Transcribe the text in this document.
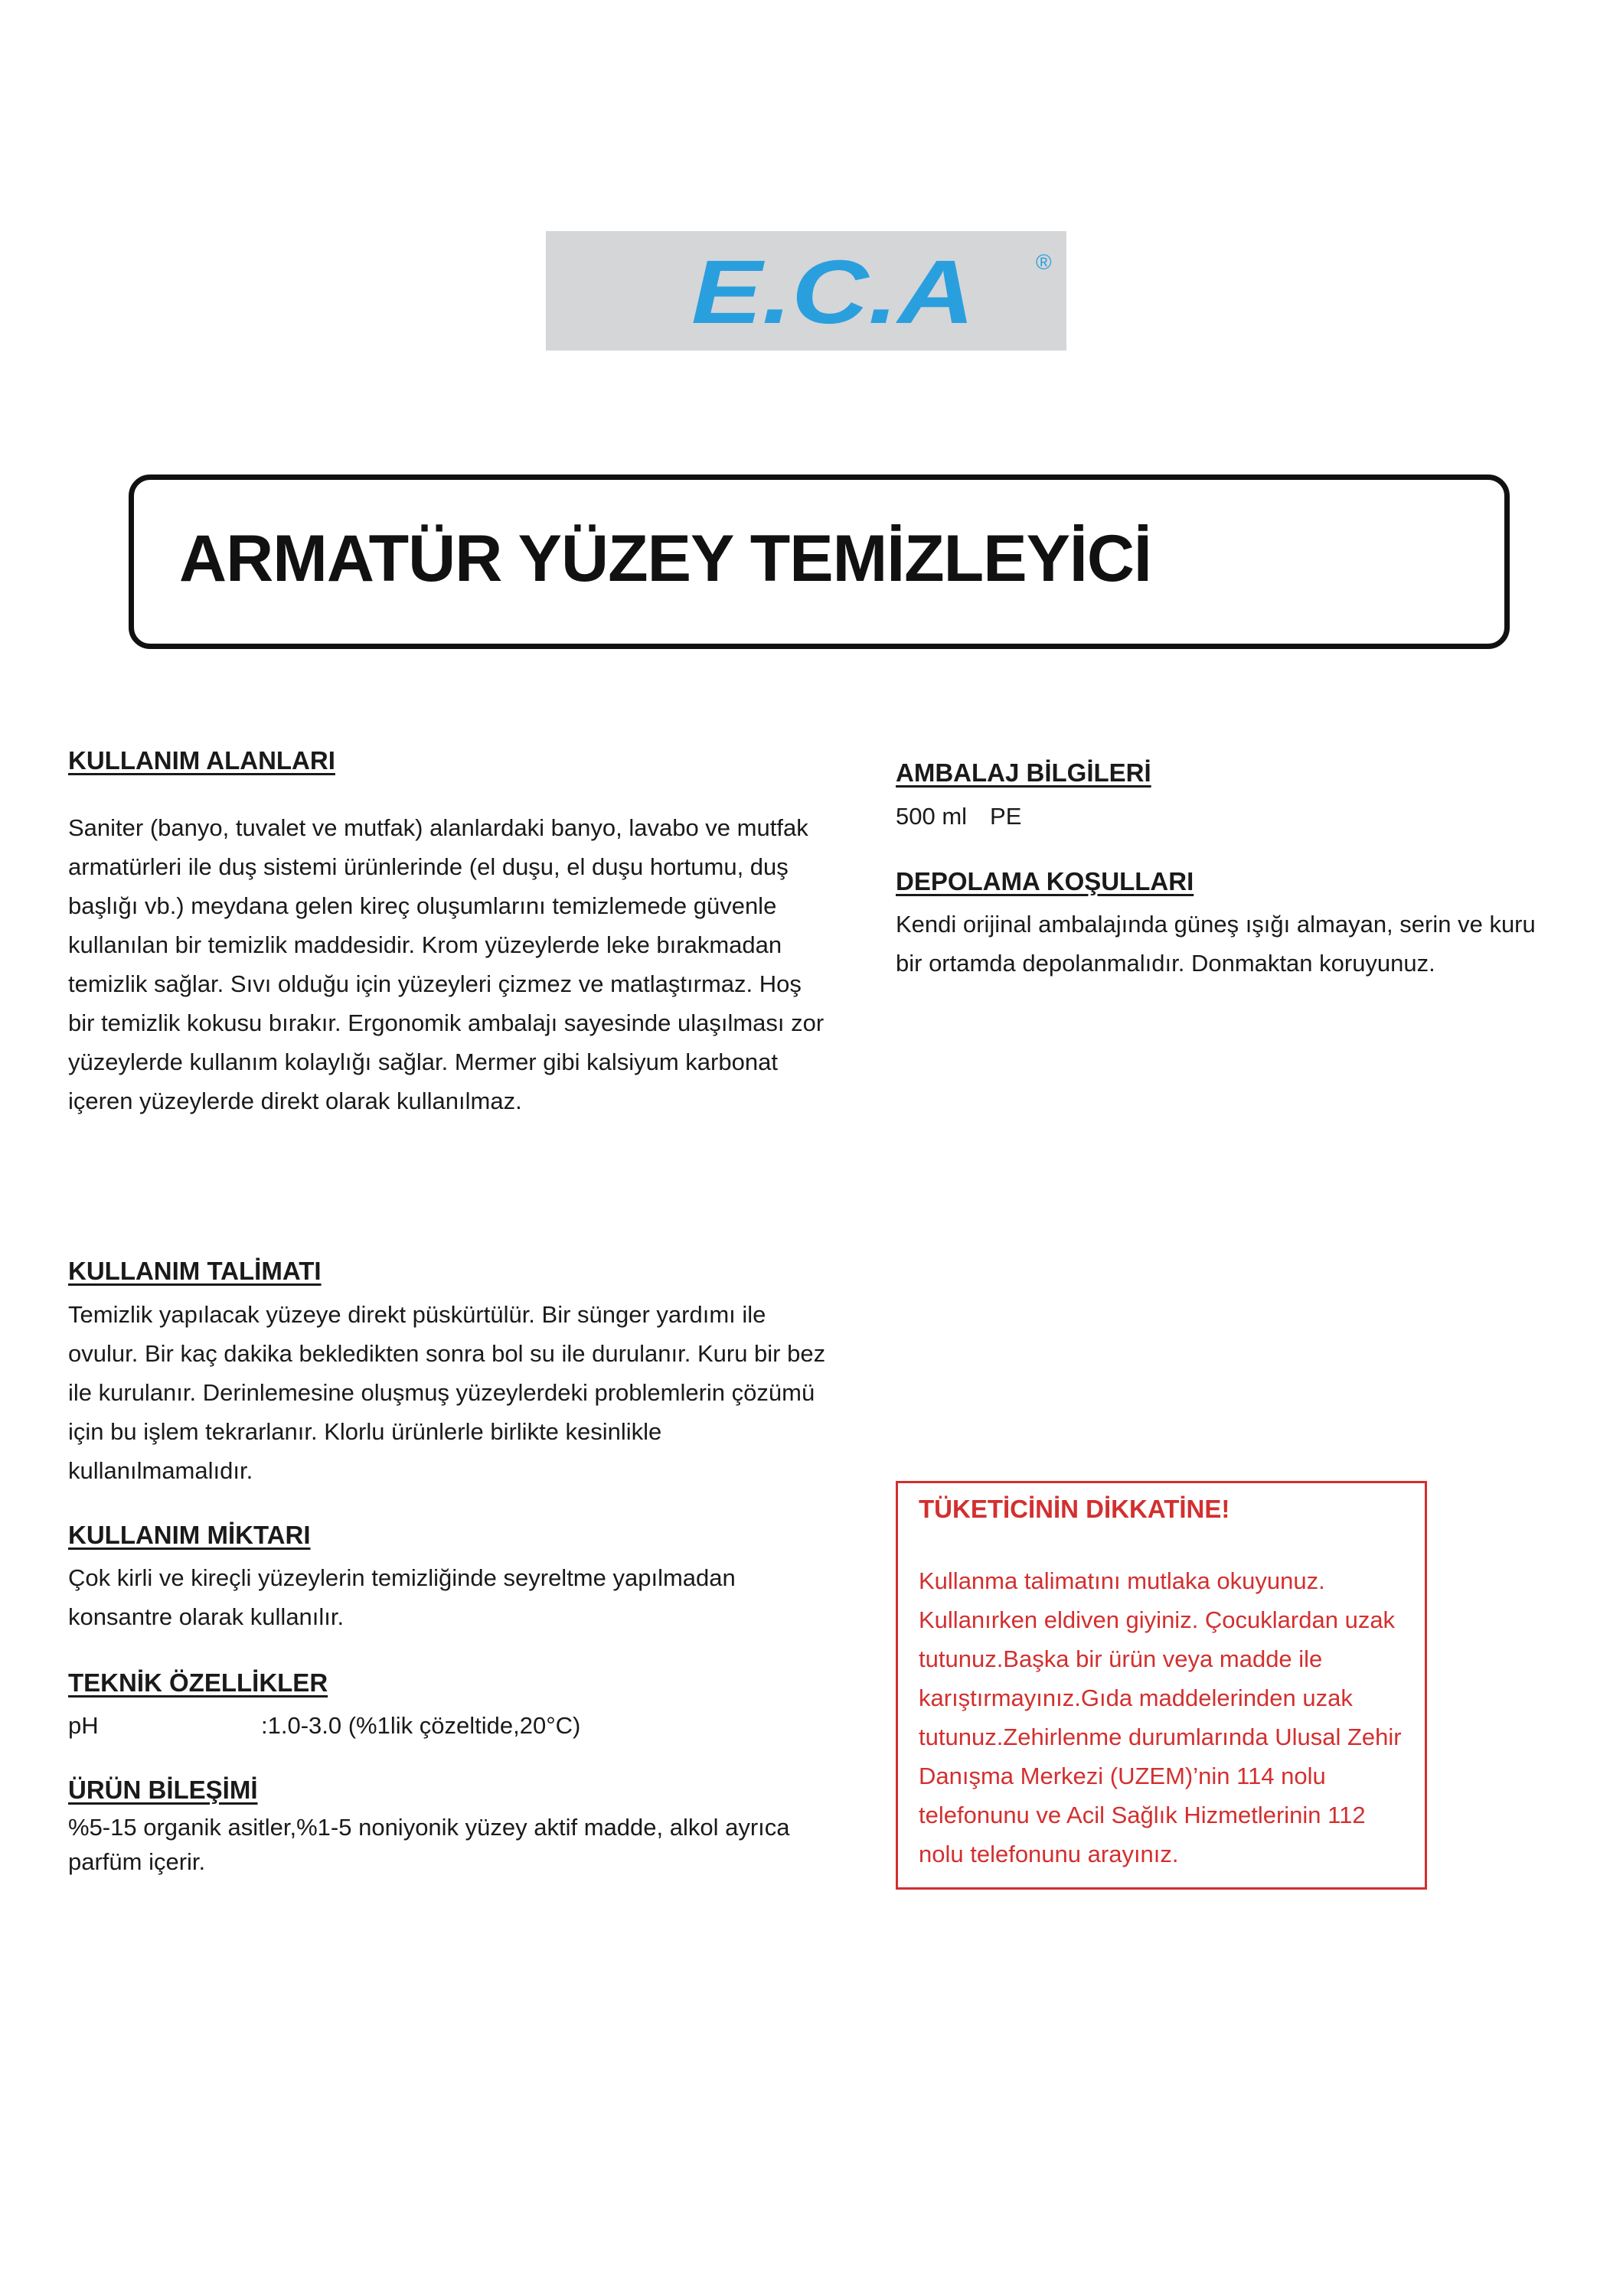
E.C.A	®
ARMATÜR YÜZEY TEMİZLEYİCİ
KULLANIM ALANLARI

Saniter (banyo, tuvalet ve mutfak) alanlardaki banyo, lavabo ve mutfak armatürleri ile duş sistemi ürünlerinde (el duşu, el duşu hortumu, duş başlığı vb.) meydana gelen kireç oluşumlarını temizlemede güvenle kullanılan bir temizlik maddesidir. Krom yüzeylerde leke bırakmadan temizlik sağlar. Sıvı olduğu için yüzeyleri çizmez ve matlaştırmaz. Hoş bir temizlik kokusu bırakır. Ergonomik ambalajı sayesinde ulaşılması zor yüzeylerde kullanım kolaylığı sağlar. Mermer gibi kalsiyum karbonat içeren yüzeylerde direkt olarak kullanılmaz.

AMBALAJ BİLGİLERİ
500 ml PE
DEPOLAMA KOŞULLARI

Kendi orijinal ambalajında güneş ışığı almayan, serin ve kuru bir ortamda depolanmalıdır. Donmaktan koruyunuz.

KULLANIM TALİMATI

Temizlik yapılacak yüzeye direkt püskürtülür. Bir sünger yardımı ile ovulur. Bir kaç dakika bekledikten sonra bol su ile durulanır. Kuru bir bez ile kurulanır. Derinlemesine oluşmuş yüzeylerdeki problemlerin çözümü için bu işlem tekrarlanır. Klorlu ürünlerle birlikte kesinlikle kullanılmamalıdır.

KULLANIM MİKTARI

Çok kirli ve kireçli yüzeylerin temizliğinde seyreltme yapılmadan konsantre olarak kullanılır.

TEKNİK ÖZELLİKLER
pH	:1.0-3.0 (%1lik çözeltide,20°C)
ÜRÜN BİLEŞİMİ

%5-15 organik asitler,%1-5 noniyonik yüzey aktif madde, alkol ayrıca parfüm içerir.

TÜKETİCİNİN DİKKATİNE!

Kullanma talimatını mutlaka okuyunuz. Kullanırken eldiven giyiniz. Çocuklardan uzak tutunuz.Başka bir ürün veya madde ile karıştırmayınız.Gıda maddelerinden uzak tutunuz.Zehirlenme durumlarında Ulusal Zehir Danışma Merkezi (UZEM)’nin 114 nolu telefonunu ve Acil Sağlık Hizmetlerinin 112 nolu telefonunu arayınız.
